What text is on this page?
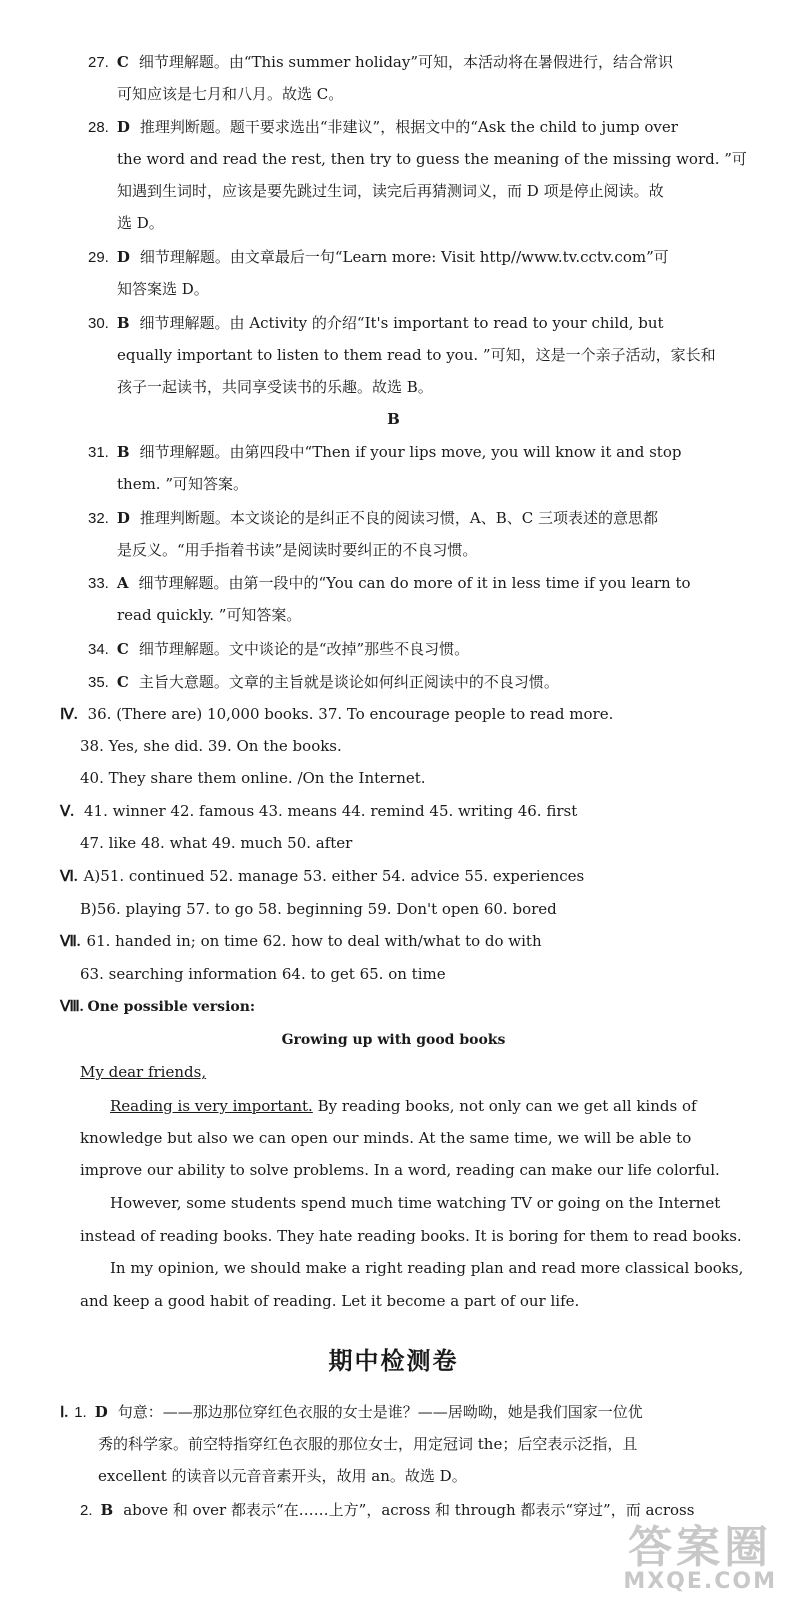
27. C 细节理解题。由“This summer holiday”可知，本活动将在暑假进行，结合常识
可知应该是七月和八月。故选 C。
28. D 推理判断题。题干要求选出“非建议”，根据文中的“Ask the child to jump over
the word and read the rest, then try to guess the meaning of the missing word. ”可
知遇到生词时，应该是要先跳过生词，读完后再猜测词义，而 D 项是停止阅读。故
选 D。
29. D 细节理解题。由文章最后一句“Learn more: Visit http//www.tv.cctv.com”可
知答案选 D。
30. B 细节理解题。由 Activity 的介绍“It's important to read to your child, but
equally important to listen to them read to you. ”可知，这是一个亲子活动，家长和
孩子一起读书，共同享受读书的乐趣。故选 B。
B
31. B 细节理解题。由第四段中“Then if your lips move, you will know it and stop
them. ”可知答案。
32. D 推理判断题。本文谈论的是纠正不良的阅读习惯，A、B、C 三项表述的意思都
是反义。“用手指着书读”是阅读时要纠正的不良习惯。
33. A 细节理解题。由第一段中的“You can do more of it in less time if you learn to
read quickly. ”可知答案。
34. C 细节理解题。文中谈论的是“改掉”那些不良习惯。
35. C 主旨大意题。文章的主旨就是谈论如何纠正阅读中的不良习惯。
Ⅳ. 36. (There are) 10,000 books. 37. To encourage people to read more.
38. Yes, she did. 39. On the books.
40. They share them online. /On the Internet.
Ⅴ. 41. winner 42. famous 43. means 44. remind 45. writing 46. first
47. like 48. what 49. much 50. after
Ⅵ. A)51. continued 52. manage 53. either 54. advice 55. experiences
B)56. playing 57. to go 58. beginning 59. Don't open 60. bored
Ⅶ. 61. handed in; on time 62. how to deal with/what to do with
63. searching information 64. to get 65. on time
Ⅷ. One possible version:
Growing up with good books
My dear friends,
Reading is very important. By reading books, not only can we get all kinds of
knowledge but also we can open our minds. At the same time, we will be able to
improve our ability to solve problems. In a word, reading can make our life colorful.
However, some students spend much time watching TV or going on the Internet
instead of reading books. They hate reading books. It is boring for them to read books.
In my opinion, we should make a right reading plan and read more classical books,
and keep a good habit of reading. Let it become a part of our life.
期中检测卷
Ⅰ. 1. D 句意：——那边那位穿红色衣服的女士是谁？——居呦呦，她是我们国家一位优
秀的科学家。前空特指穿红色衣服的那位女士，用定冠词 the；后空表示泛指，且
excellent 的读音以元音音素开头，故用 an。故选 D。
2. B above 和 over 都表示“在……上方”，across 和 through 都表示“穿过”，而 across
答案圈
MXQE.COM
